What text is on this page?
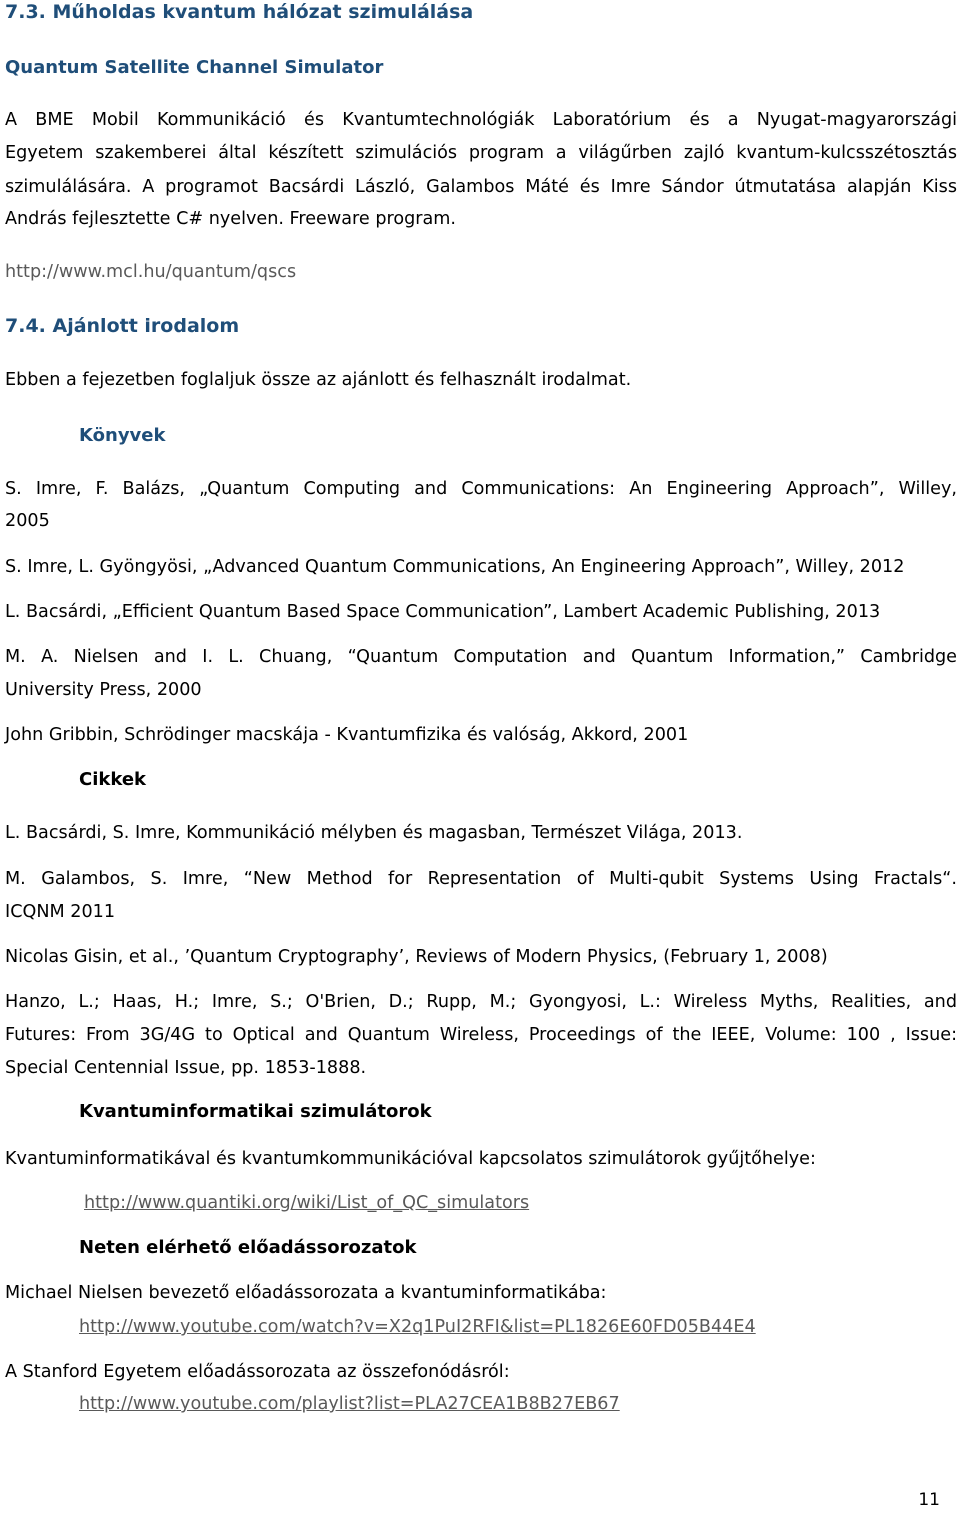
7.3. Műholdas kvantum hálózat szimulálása
Quantum Satellite Channel Simulator
A BME Mobil Kommunikáció és Kvantumtechnológiák Laboratórium és a Nyugat-magyarországi
Egyetem szakemberei által készített szimulációs program a világűrben zajló kvantum-kulcsszétosztás
szimulálására. A programot Bacsárdi László, Galambos Máté és Imre Sándor útmutatása alapján Kiss
András fejlesztette C# nyelven. Freeware program.
http://www.mcl.hu/quantum/qscs
7.4. Ajánlott irodalom
Ebben a fejezetben foglaljuk össze az ajánlott és felhasznált irodalmat.
Könyvek
S. Imre, F. Balázs, „Quantum Computing and Communications: An Engineering Approach”, Willey,
2005
S. Imre, L. Gyöngyösi, „Advanced Quantum Communications, An Engineering Approach”, Willey, 2012
L. Bacsárdi, „Efficient Quantum Based Space Communication”, Lambert Academic Publishing, 2013
M. A. Nielsen and I. L. Chuang, “Quantum Computation and Quantum Information,” Cambridge
University Press, 2000
John Gribbin, Schrödinger macskája - Kvantumfizika és valóság, Akkord, 2001
Cikkek
L. Bacsárdi, S. Imre, Kommunikáció mélyben és magasban, Természet Világa, 2013.
M. Galambos, S. Imre, “New Method for Representation of Multi-qubit Systems Using Fractals“.
ICQNM 2011
Nicolas Gisin, et al., ’Quantum Cryptography’, Reviews of Modern Physics, (February 1, 2008)
Hanzo, L.; Haas, H.; Imre, S.; O'Brien, D.; Rupp, M.; Gyongyosi, L.: Wireless Myths, Realities, and
Futures: From 3G/4G to Optical and Quantum Wireless, Proceedings of the IEEE, Volume: 100 , Issue:
Special Centennial Issue, pp. 1853-1888.
Kvantuminformatikai szimulátorok
Kvantuminformatikával és kvantumkommunikációval kapcsolatos szimulátorok gyűjtőhelye:
http://www.quantiki.org/wiki/List_of_QC_simulators
Neten elérhető előadássorozatok
Michael Nielsen bevezető előadássorozata a kvantuminformatikába:
http://www.youtube.com/watch?v=X2q1PuI2RFI&list=PL1826E60FD05B44E4
A Stanford Egyetem előadássorozata az összefonódásról:
http://www.youtube.com/playlist?list=PLA27CEA1B8B27EB67
11
